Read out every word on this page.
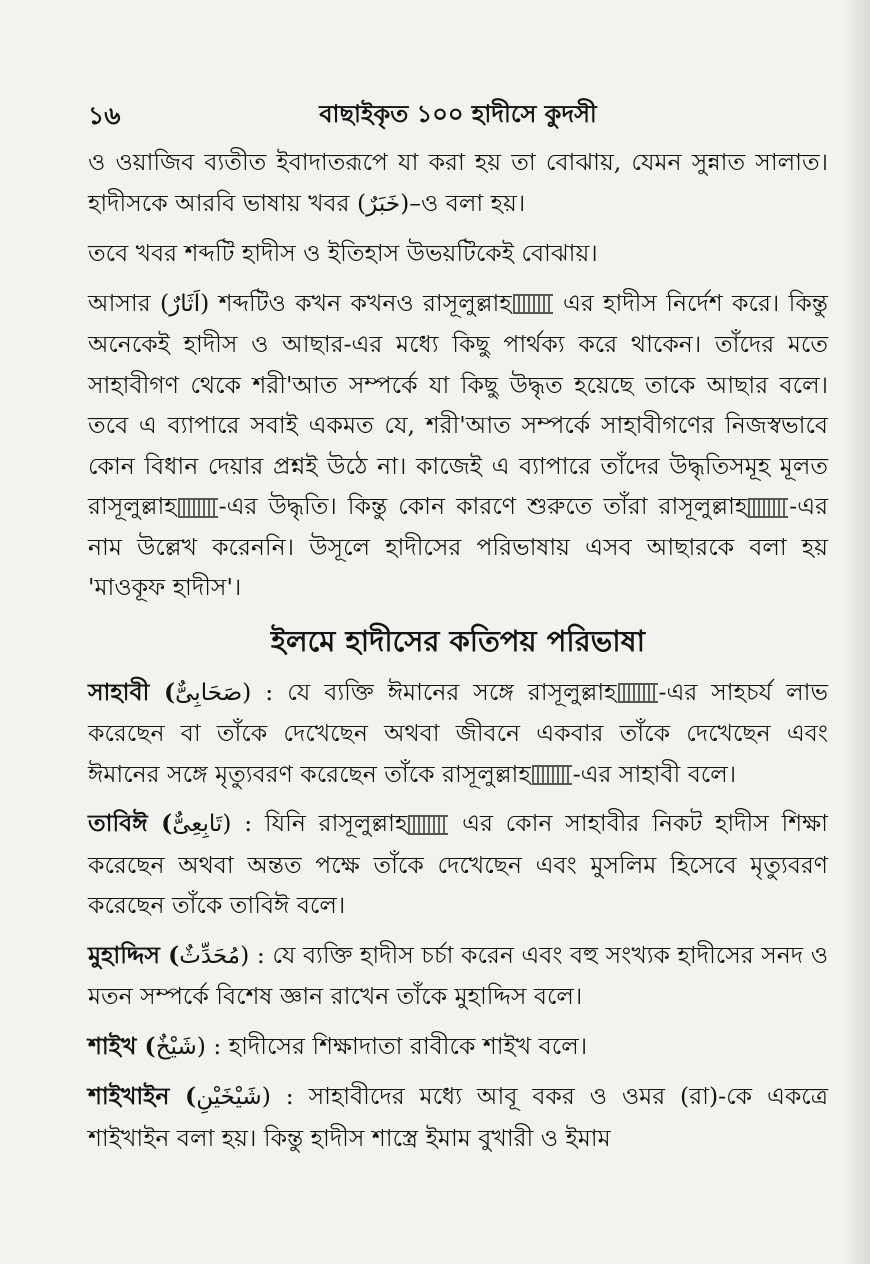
১৬	বাছাইকৃত ১০০ হাদীসে কুদসী

ও ওয়াজিব ব্যতীত ইবাদাতরূপে যা করা হয় তা বোঝায়, যেমন সুন্নাত সালাত। হাদীসকে আরবি ভাষায় খবর (خَبَرٌ)–ও বলা হয়।

তবে খবর শব্দটি হাদীস ও ইতিহাস উভয়টিকেই বোঝায়।

আসার (اَثَارٌ) শব্দটিও কখন কখনও রাসূলুল্লাহ এর হাদীস নির্দেশ করে। কিন্তু অনেকেই হাদীস ও আছার-এর মধ্যে কিছু পার্থক্য করে থাকেন। তাঁদের মতে সাহাবীগণ থেকে শরী'আত সম্পর্কে যা কিছু উদ্ধৃত হয়েছে তাকে আছার বলে। তবে এ ব্যাপারে সবাই একমত যে, শরী'আত সম্পর্কে সাহাবীগণের নিজস্বভাবে কোন বিধান দেয়ার প্রশ্নই উঠে না। কাজেই এ ব্যাপারে তাঁদের উদ্ধৃতিসমূহ মূলত রাসূলুল্লাহ -এর উদ্ধৃতি। কিন্তু কোন কারণে শুরুতে তাঁরা রাসূলুল্লাহ -এর নাম উল্লেখ করেননি। উসূলে হাদীসের পরিভাষায় এসব আছারকে বলা হয় 'মাওকূফ হাদীস'।

ইলমে হাদীসের কতিপয় পরিভাষা

সাহাবী (صَحَابِىٌّ) : যে ব্যক্তি ঈমানের সঙ্গে রাসূলুল্লাহ -এর সাহচর্য লাভ করেছেন বা তাঁকে দেখেছেন অথবা জীবনে একবার তাঁকে দেখেছেন এবং ঈমানের সঙ্গে মৃত্যুবরণ করেছেন তাঁকে রাসূলুল্লাহ -এর সাহাবী বলে।

তাবিঈ (تَابِعِىٌّ) : যিনি রাসূলুল্লাহ এর কোন সাহাবীর নিকট হাদীস শিক্ষা করেছেন অথবা অন্তত পক্ষে তাঁকে দেখেছেন এবং মুসলিম হিসেবে মৃত্যুবরণ করেছেন তাঁকে তাবিঈ বলে।

মুহাদ্দিস (مُحَدِّثٌ) : যে ব্যক্তি হাদীস চর্চা করেন এবং বহু সংখ্যক হাদীসের সনদ ও মতন সম্পর্কে বিশেষ জ্ঞান রাখেন তাঁকে মুহাদ্দিস বলে।

শাইখ (شَيْخٌ) : হাদীসের শিক্ষাদাতা রাবীকে শাইখ বলে।

শাইখাইন (شَيْخَيْنِ) : সাহাবীদের মধ্যে আবূ বকর ও ওমর (রা)-কে একত্রে শাইখাইন বলা হয়। কিন্তু হাদীস শাস্ত্রে ইমাম বুখারী ও ইমাম
